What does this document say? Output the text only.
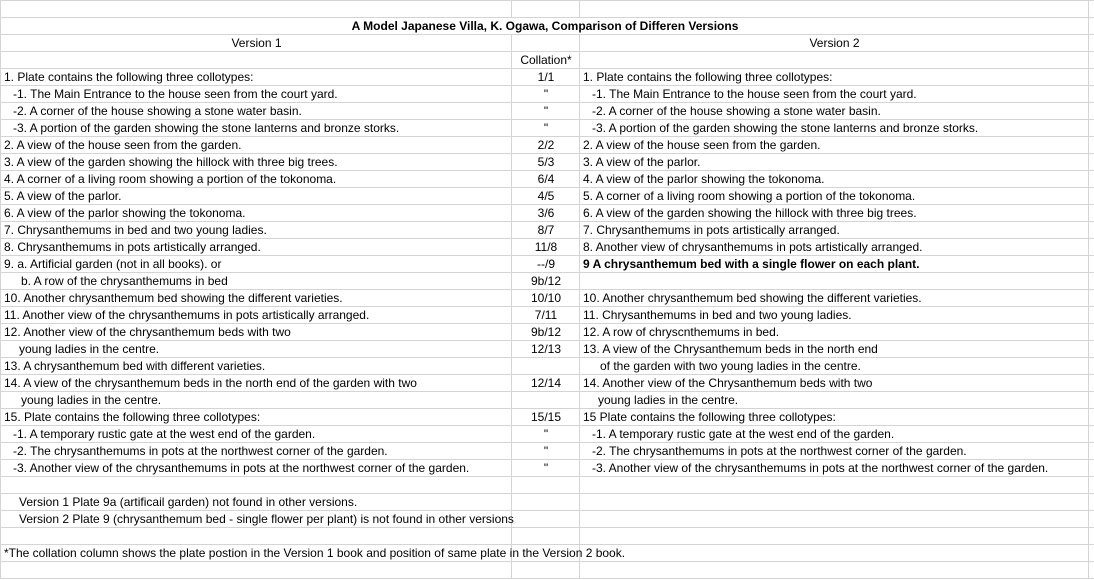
A Model Japanese Villa, K. Ogawa, Comparison of Differen Versions			
Version 1		Version 2	
	Collation*		
1. Plate contains the following three collotypes:	1/1	1. Plate contains the following three collotypes:	
-1. The Main Entrance to the house seen from the court yard.	"	-1. The Main Entrance to the house seen from the court yard.	
-2. A corner of the house showing a stone water basin.	"	-2. A corner of the house showing a stone water basin.	
-3. A portion of the garden showing the stone lanterns and bronze storks.	"	-3. A portion of the garden showing the stone lanterns and bronze storks.	
2. A view of the house seen from the garden.	2/2	2. A view of the house seen from the garden.	
3. A view of the garden showing the hillock with three big trees.	5/3	3. A view of the parlor.	
4. A corner of a living room showing a portion of the tokonoma.	6/4	4. A view of the parlor showing the tokonoma.	
5. A view of the parlor.	4/5	5. A corner of a living room showing a portion of the tokonoma.	
6. A view of the parlor showing the tokonoma.	3/6	6. A view of the garden showing the hillock with three big trees.	
7. Chrysanthemums in bed and two young ladies.	8/7	7. Chrysanthemums in pots artistically arranged.	
8. Chrysanthemums in pots artistically arranged.	11/8	8. Another view of chrysanthemums in pots artistically arranged.	
9. a. Artificial garden (not in all books). or	--/9	9 A chrysanthemum bed with a single flower on each plant.	
b. A row of the chrysanthemums in bed	9b/12		
10. Another chrysanthemum bed showing the different varieties.	10/10	10. Another chrysanthemum bed showing the different varieties.	
11. Another view of the chrysanthemums in pots artistically arranged.	7/11	11. Chrysanthemums in bed and two young ladies.	
12. Another view of the chrysanthemum beds with two	9b/12	12. A row of chryscnthemums in bed.	
young ladies in the centre.	12/13	13. A view of the Chrysanthemum beds in the north end	
13. A chrysanthemum bed with different varieties.		of the garden with two young ladies in the centre.	
14. A view of the chrysanthemum beds in the north end of the garden with two	12/14	14. Another view of the Chrysanthemum beds with two	
young ladies in the centre.		young ladies in the centre.	
15. Plate contains the following three collotypes:	15/15	15 Plate contains the following three collotypes:	
-1. A temporary rustic gate at the west end of the garden.	"	-1. A temporary rustic gate at the west end of the garden.	
-2. The chrysanthemums in pots at the northwest corner of the garden.	"	-2. The chrysanthemums in pots at the northwest corner of the garden.	
-3. Another view of the chrysanthemums in pots at the northwest corner of the garden.	"	-3. Another view of the chrysanthemums in pots at the northwest corner of the garden.	

Version 1 Plate 9a (artificail garden) not found in other versions.			
Version 2 Plate 9 (chrysanthemum bed - single flower per plant) is not found in other versions			

*The collation column shows the plate postion in the Version 1 book and position of same plate in the Version 2 book.			
